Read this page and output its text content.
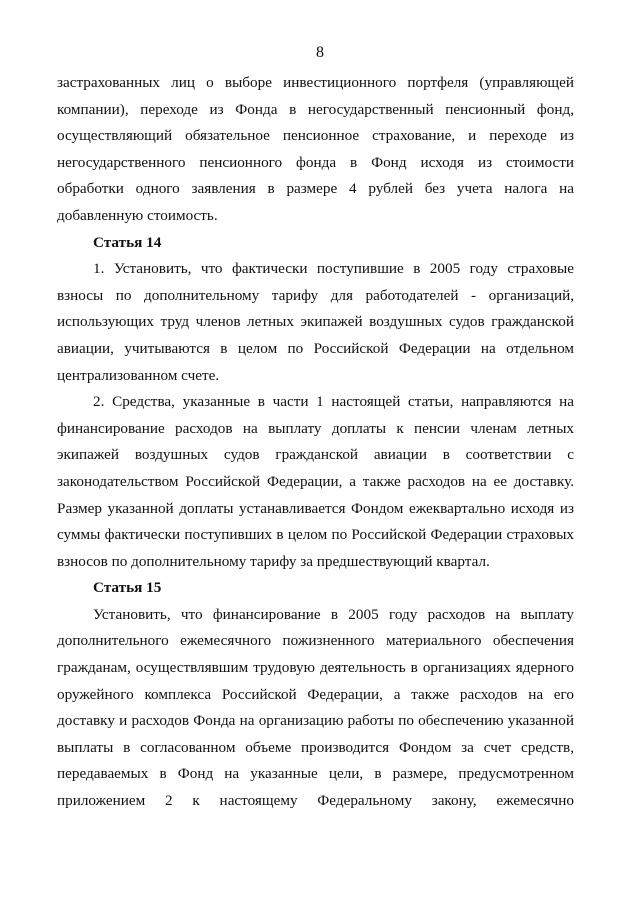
8
застрахованных лиц о выборе инвестиционного портфеля (управляющей
компании), переходе из Фонда в негосударственный пенсионный фонд,
осуществляющий обязательное пенсионное страхование, и переходе из
негосударственного пенсионного фонда в Фонд исходя из стоимости
обработки одного заявления в размере 4 рублей без учета налога на
добавленную стоимость.
Статья 14
1. Установить, что фактически поступившие в 2005 году страховые
взносы по дополнительному тарифу для работодателей - организаций,
использующих труд членов летных экипажей воздушных судов гражданской
авиации, учитываются в целом по Российской Федерации на отдельном
централизованном счете.
2. Средства, указанные в части 1 настоящей статьи, направляются на
финансирование расходов на выплату доплаты к пенсии членам летных
экипажей воздушных судов гражданской авиации в соответствии с
законодательством Российской Федерации, а также расходов на ее доставку.
Размер указанной доплаты устанавливается Фондом ежеквартально исходя из
суммы фактически поступивших в целом по Российской Федерации страховых
взносов по дополнительному тарифу за предшествующий квартал.
Статья 15
Установить, что финансирование в 2005 году расходов на выплату
дополнительного ежемесячного пожизненного материального обеспечения
гражданам, осуществлявшим трудовую деятельность в организациях ядерного
оружейного комплекса Российской Федерации, а также расходов на его
доставку и расходов Фонда на организацию работы по обеспечению указанной
выплаты в согласованном объеме производится Фондом за счет средств,
передаваемых в Фонд на указанные цели, в размере, предусмотренном
приложением 2 к настоящему Федеральному закону, ежемесячно
